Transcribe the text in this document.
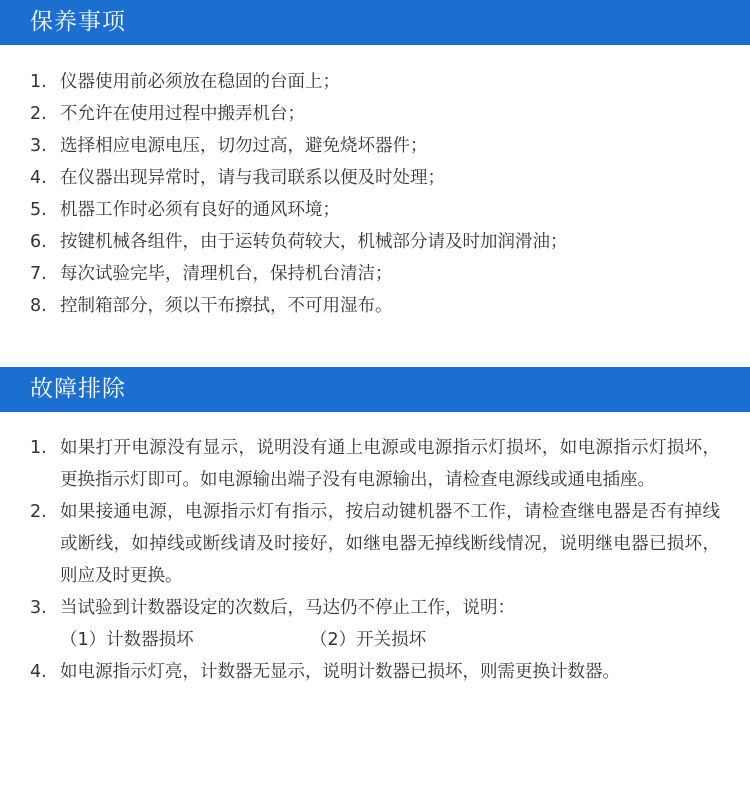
保养事项
1. 仪器使用前必须放在稳固的台面上；
2. 不允许在使用过程中搬弄机台；
3. 选择相应电源电压，切勿过高，避免烧坏器件；
4. 在仪器出现异常时，请与我司联系以便及时处理；
5. 机器工作时必须有良好的通风环境；
6. 按键机械各组件，由于运转负荷较大，机械部分请及时加润滑油；
7. 每次试验完毕，清理机台，保持机台清洁；
8. 控制箱部分，须以干布擦拭，不可用湿布。
故障排除
1. 如果打开电源没有显示，说明没有通上电源或电源指示灯损坏，如电源指示灯损坏，更换指示灯即可。如电源输出端子没有电源输出，请检查电源线或通电插座。
2. 如果接通电源，电源指示灯有指示，按启动键机器不工作，请检查继电器是否有掉线或断线，如掉线或断线请及时接好，如继电器无掉线断线情况，说明继电器已损坏，则应及时更换。
3. 当试验到计数器设定的次数后，马达仍不停止工作，说明：
（1）计数器损坏	（2）开关损坏
4. 如电源指示灯亮，计数器无显示，说明计数器已损坏，则需更换计数器。
